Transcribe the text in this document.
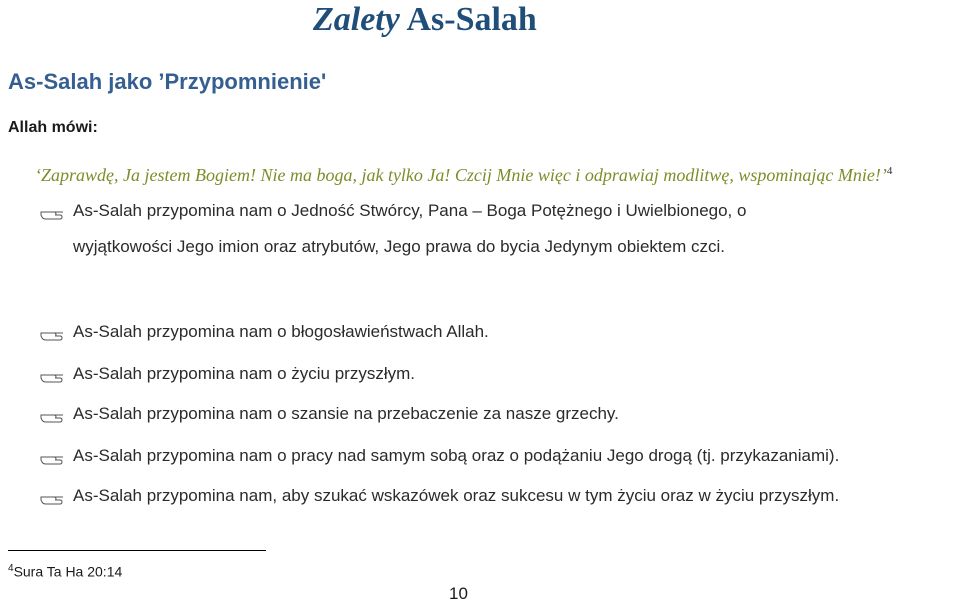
Zalety As-Salah
As-Salah jako ’Przypomnienie'
Allah mówi:
‘Zaprawdę, Ja jestem Bogiem! Nie ma boga, jak tylko Ja! Czcij Mnie więc i odprawiaj modlitwę, wspominając Mnie!’$^4$
As-Salah przypomina nam o Jedność Stwórcy, Pana – Boga Potężnego i Uwielbionego, o
wyjątkowości Jego imion oraz atrybutów, Jego prawa do bycia Jedynym obiektem czci.
As-Salah przypomina nam o błogosławieństwach Allah.
As-Salah przypomina nam o życiu przyszłym.
As-Salah przypomina nam o szansie na przebaczenie za nasze grzechy.
As-Salah przypomina nam o pracy nad samym sobą oraz o podążaniu Jego drogą (tj. przykazaniami).
As-Salah przypomina nam, aby szukać wskazówek oraz sukcesu w tym życiu oraz w życiu przyszłym.
$^4$Sura Ta Ha 20:14
10
